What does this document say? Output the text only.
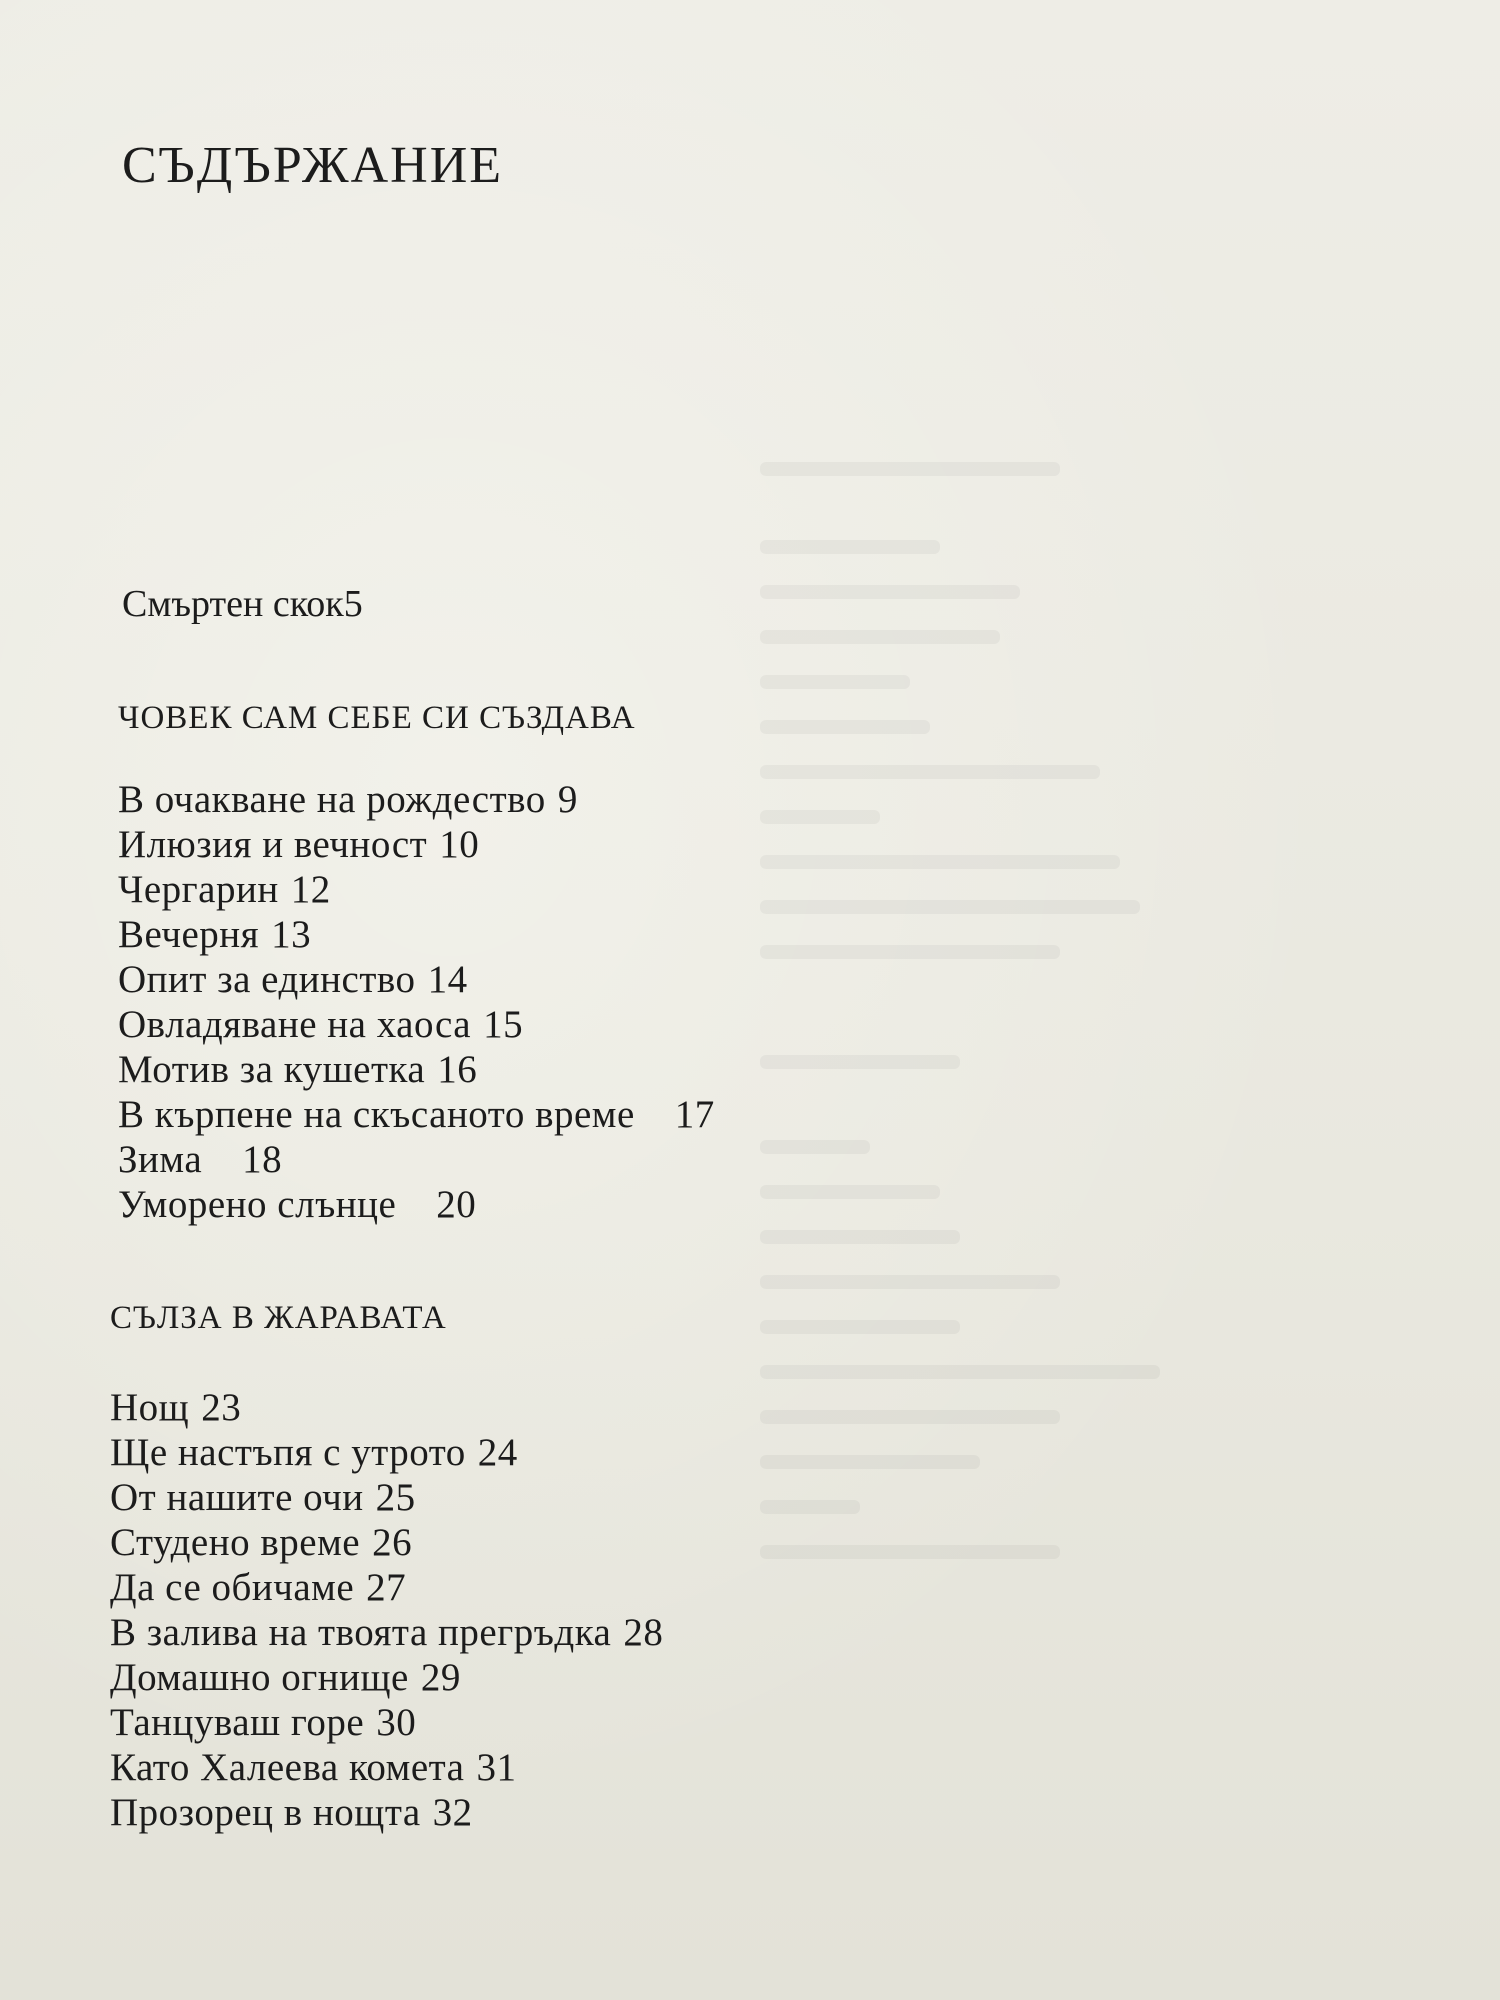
СЪДЪРЖАНИЕ
Смъртен скок5
ЧОВЕК САМ СЕБЕ СИ СЪЗДАВА
В очакване на рождество 9
Илюзия и вечност 10
Чергарин 12
Вечерня 13
Опит за единство 14
Овладяване на хаоса 15
Мотив за кушетка 16
В кърпене на скъсаното време 17
Зима 18
Уморено слънце 20
СЪЛЗА В ЖАРАВАТА
Нощ 23
Ще настъпя с утрото 24
От нашите очи 25
Студено време 26
Да се обичаме 27
В залива на твоята прегръдка 28
Домашно огнище 29
Танцуваш горе 30
Като Халеева комета 31
Прозорец в нощта 32
